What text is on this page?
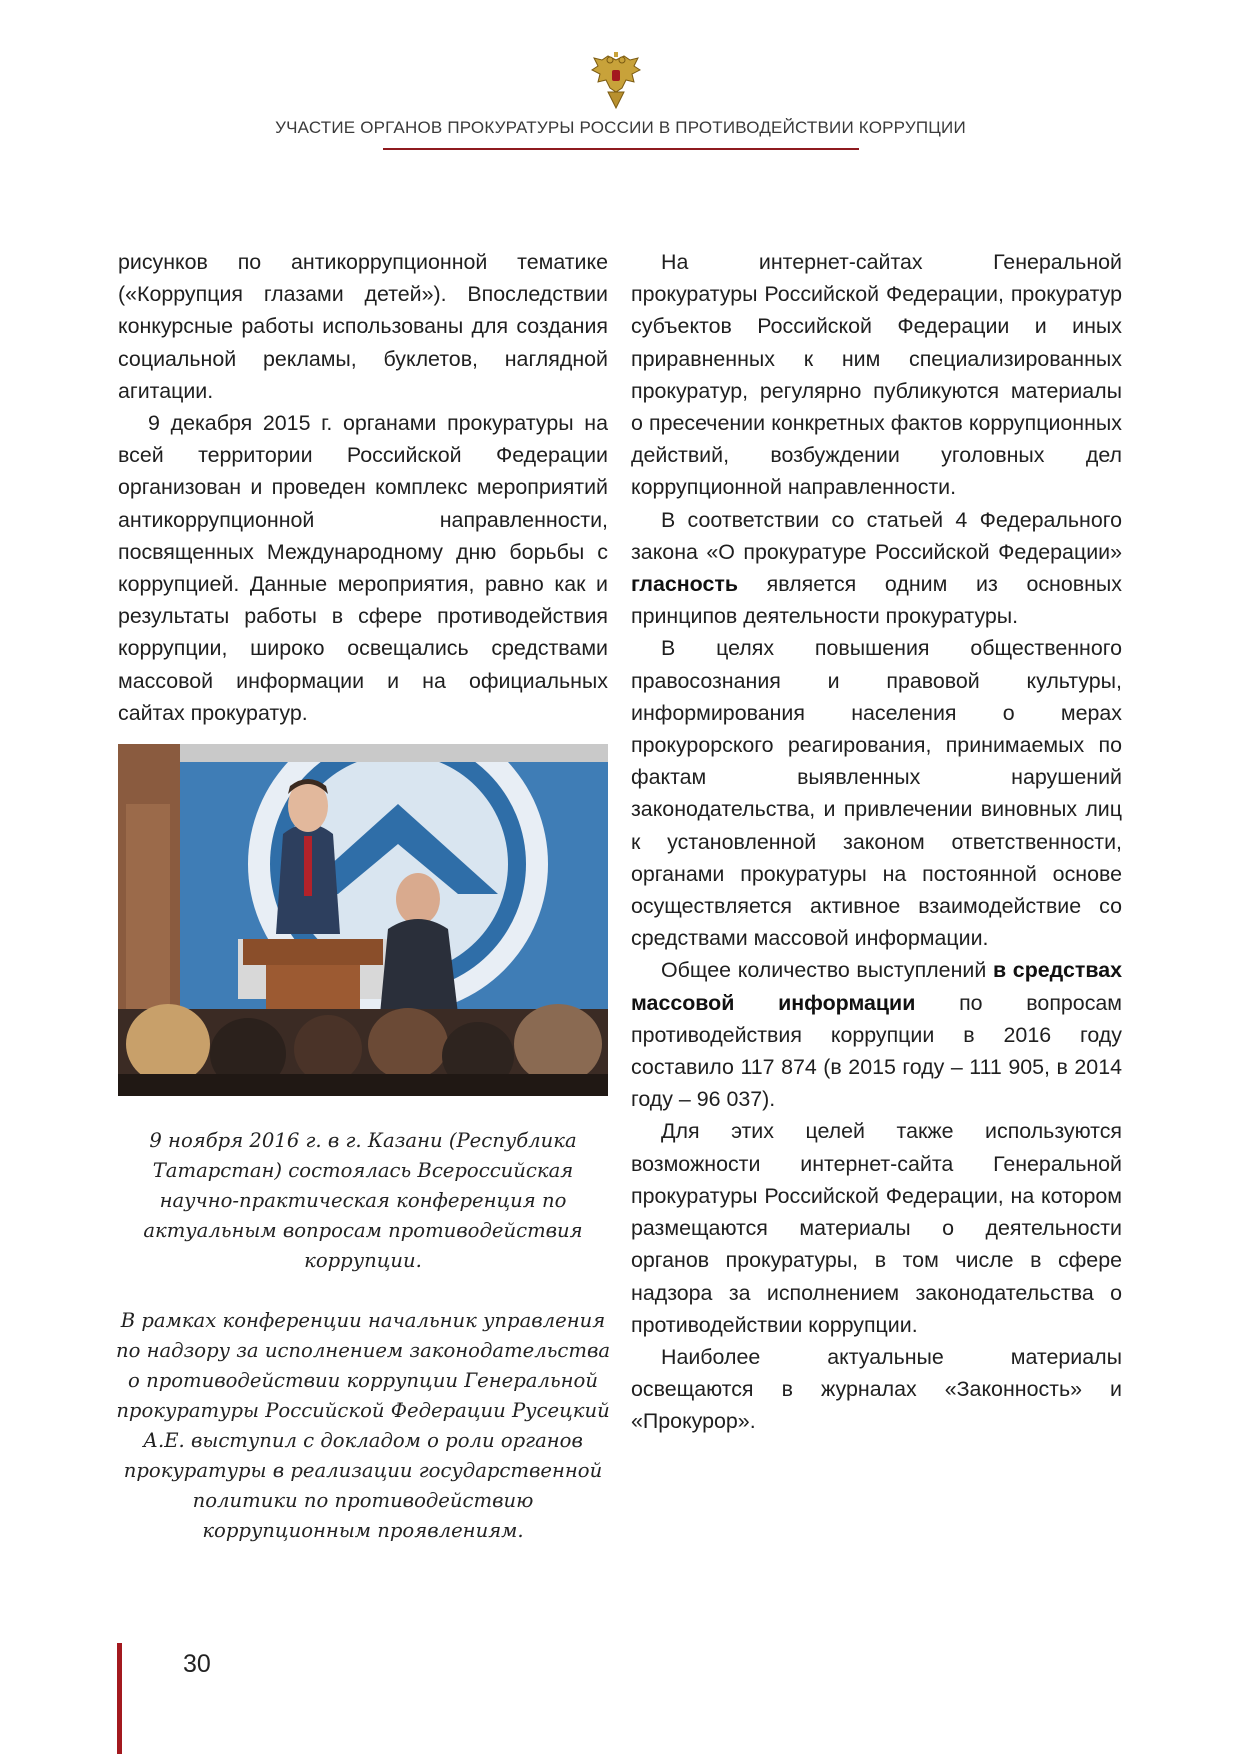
УЧАСТИЕ ОРГАНОВ ПРОКУРАТУРЫ РОССИИ В ПРОТИВОДЕЙСТВИИ КОРРУПЦИИ

рисунков по антикоррупционной тематике («Коррупция глазами детей»). Впоследствии конкурсные работы использованы для создания социальной рекламы, буклетов, наглядной агитации.

9 декабря 2015 г. органами прокуратуры на всей территории Российской Федерации организован и проведен комплекс мероприятий антикоррупционной направленности, посвященных Международному дню борьбы с коррупцией. Данные мероприятия, равно как и результаты работы в сфере противодействия коррупции, широко освещались средствами массовой информации и на официальных сайтах прокуратур.

9 ноября 2016 г. в г. Казани (Республика Татарстан) состоялась Всероссийская научно-практическая конференция по актуальным вопросам противодействия коррупции.

В рамках конференции начальник управления по надзору за исполнением законодательства о противодействии коррупции Генеральной прокуратуры Российской Федерации Русецкий А.Е. выступил с докладом о роли органов прокуратуры в реализации государственной политики по противодействию коррупционным проявлениям.

На интернет-сайтах Генеральной прокуратуры Российской Федерации, прокуратур субъектов Российской Федерации и иных приравненных к ним специализированных прокуратур, регулярно публикуются материалы о пресечении конкретных фактов коррупционных действий, возбуждении уголовных дел коррупционной направленности.

В соответствии со статьей 4 Федерального закона «О прокуратуре Российской Федерации» гласность является одним из основных принципов деятельности прокуратуры.

В целях повышения общественного правосознания и правовой культуры, информирования населения о мерах прокурорского реагирования, принимаемых по фактам выявленных нарушений законодательства, и привлечении виновных лиц к установленной законом ответственности, органами прокуратуры на постоянной основе осуществляется активное взаимодействие со средствами массовой информации.

Общее количество выступлений в средствах массовой информации по вопросам противодействия коррупции в 2016 году составило 117 874 (в 2015 году – 111 905, в 2014 году – 96 037).

Для этих целей также используются возможности интернет-сайта Генеральной прокуратуры Российской Федерации, на котором размещаются материалы о деятельности органов прокуратуры, в том числе в сфере надзора за исполнением законодательства о противодействии коррупции.

Наиболее актуальные материалы освещаются в журналах «Законность» и «Прокурор».

30
